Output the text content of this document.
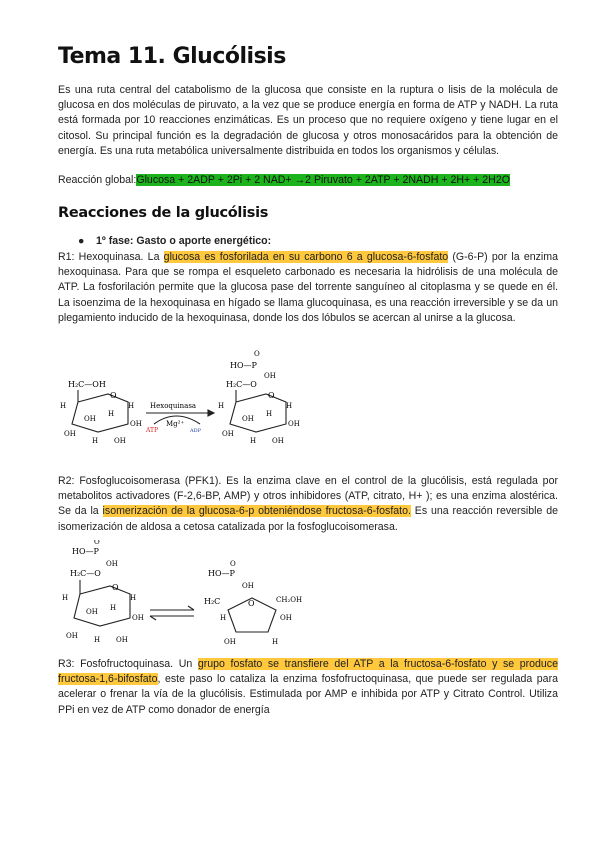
Tema 11. Glucólisis
Es una ruta central del catabolismo de la glucosa que consiste en la ruptura o lisis de la molécula de glucosa en dos moléculas de piruvato, a la vez que se produce energía en forma de ATP y NADH. La ruta está formada por 10 reacciones enzimáticas. Es un proceso que no requiere oxígeno y tiene lugar en el citosol. Su principal función es la degradación de glucosa y otros monosacáridos para la obtención de energía. Es una ruta metabólica universalmente distribuida en todos los organismos y células.
Reacción global:Glucosa + 2ADP + 2Pi + 2 NAD+ →2 Piruvato + 2ATP + 2NADH + 2H+ + 2H2O
Reacciones de la glucólisis
● 1º fase: Gasto o aporte energético:
R1: Hexoquinasa. La glucosa es fosforilada en su carbono 6 a glucosa-6-fosfato (G-6-P) por la enzima hexoquinasa. Para que se rompa el esqueleto carbonado es necesaria la hidrólisis de una molécula de ATP. La fosforilación permite que la glucosa pase del torrente sanguíneo al citoplasma y se quede en él. La isoenzima de la hexoquinasa en hígado se llama glucoquinasa, es una reacción irreversible y se da un plegamiento inducido de la hexoquinasa, donde los dos lóbulos se acercan al unirse a la glucosa.
H₂C—OH
O
H	H
OH
H
OH
OH
H OH
Hexoquinasa
ATP
Mg²⁺
ADP
HO—P
O
OH
H₂C—O
O
H	H
OH
H
OH
OH
H OH
R2: Fosfoglucoisomerasa (PFK1). Es la enzima clave en el control de la glucólisis, está regulada por metabolitos activadores (F-2,6-BP, AMP) y otros inhibidores (ATP, citrato, H+ ); es una enzima alostérica. Se da la isomerización de la glucosa-6-p obteniéndose fructosa-6-fosfato. Es una reacción reversible de isomerización de aldosa a cetosa catalizada por la fosfoglucoisomerasa.
HO—P
O
OH
H₂C—O
O
H	H
OH H
OH
OH H OH
HO—P
O
OH
H₂C	O	CH₂OH
H	OH
OH	H
R3: Fosfofructoquinasa. Un grupo fosfato se transfiere del ATP a la fructosa-6-fosfato y se produce fructosa-1,6-bifosfato, este paso lo cataliza la enzima fosfofructoquinasa, que puede ser regulada para acelerar o frenar la vía de la glucólisis. Estimulada por AMP e inhibida por ATP y Citrato Control. Utiliza PPi en vez de ATP como donador de energía
